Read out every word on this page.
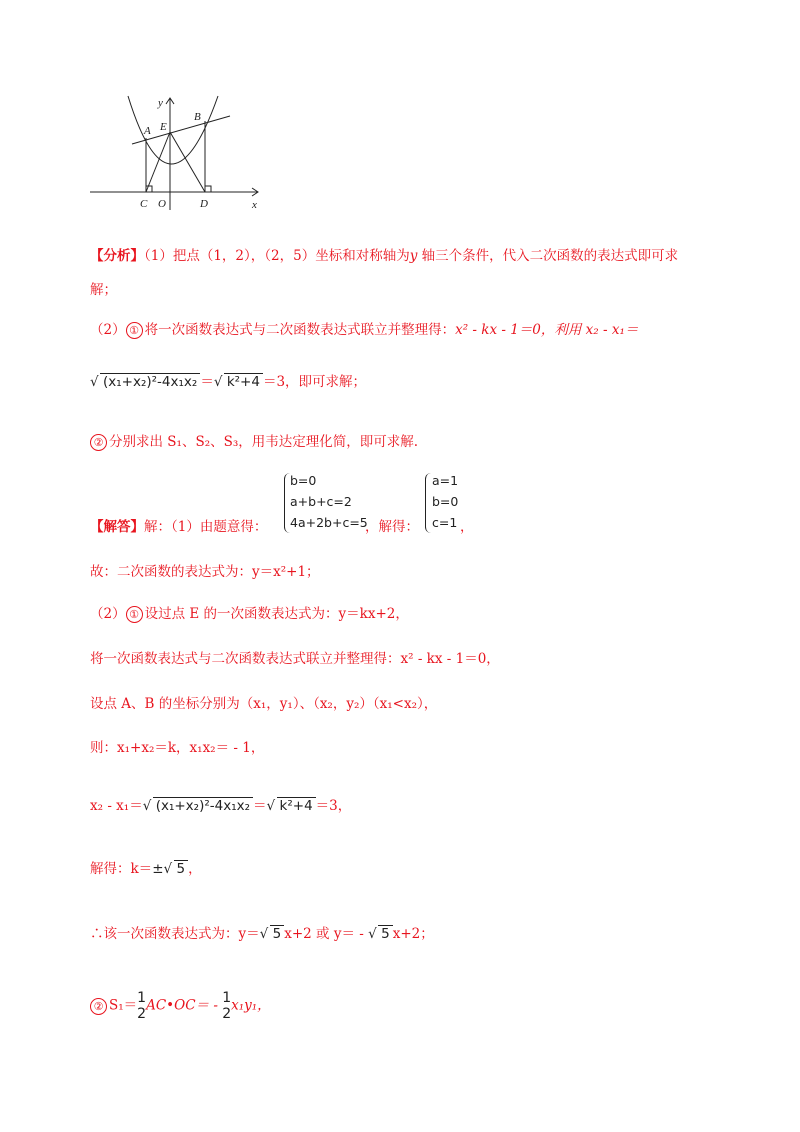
y
A E
B
C O	D	x
【分析】（1）把点（1，2），（2，5）坐标和对称轴为y 轴三个条件，代入二次函数的表达式即可求
解；
（2） ① 将一次函数表达式与二次函数表达式联立并整理得：x² - kx - 1＝0，利用 x₂ - x₁＝
√ (x₁+x₂)²-4x₁x₂ ＝ √ k²+4 ＝3，即可求解；
② 分别求出 S₁、S₂、S₃，用韦达定理化简，即可求解.
【解答】解：（1）由题意得：
b=0
a+b+c=2
4a+2b+c=5
，解得：
a=1
b=0
c=1 ，
故：二次函数的表达式为：y＝x²+1；
（2） ① 设过点 E 的一次函数表达式为：y＝kx+2，
将一次函数表达式与二次函数表达式联立并整理得：x² - kx - 1＝0，
设点 A、B 的坐标分别为（x₁，y₁）、（x₂，y₂）（x₁<x₂），
则：x₁+x₂＝k，x₁x₂＝ - 1，
x₂ - x₁＝ √ (x₁+x₂)²-4x₁x₂ ＝ √ k²+4 ＝3，
解得：k＝± √ 5 ，
∴该一次函数表达式为：y＝ √ 5 x+2 或 y＝ - √ 5 x+2；
② S₁＝ 1
2
AC•OC＝ - 1
2
x₁y₁，
